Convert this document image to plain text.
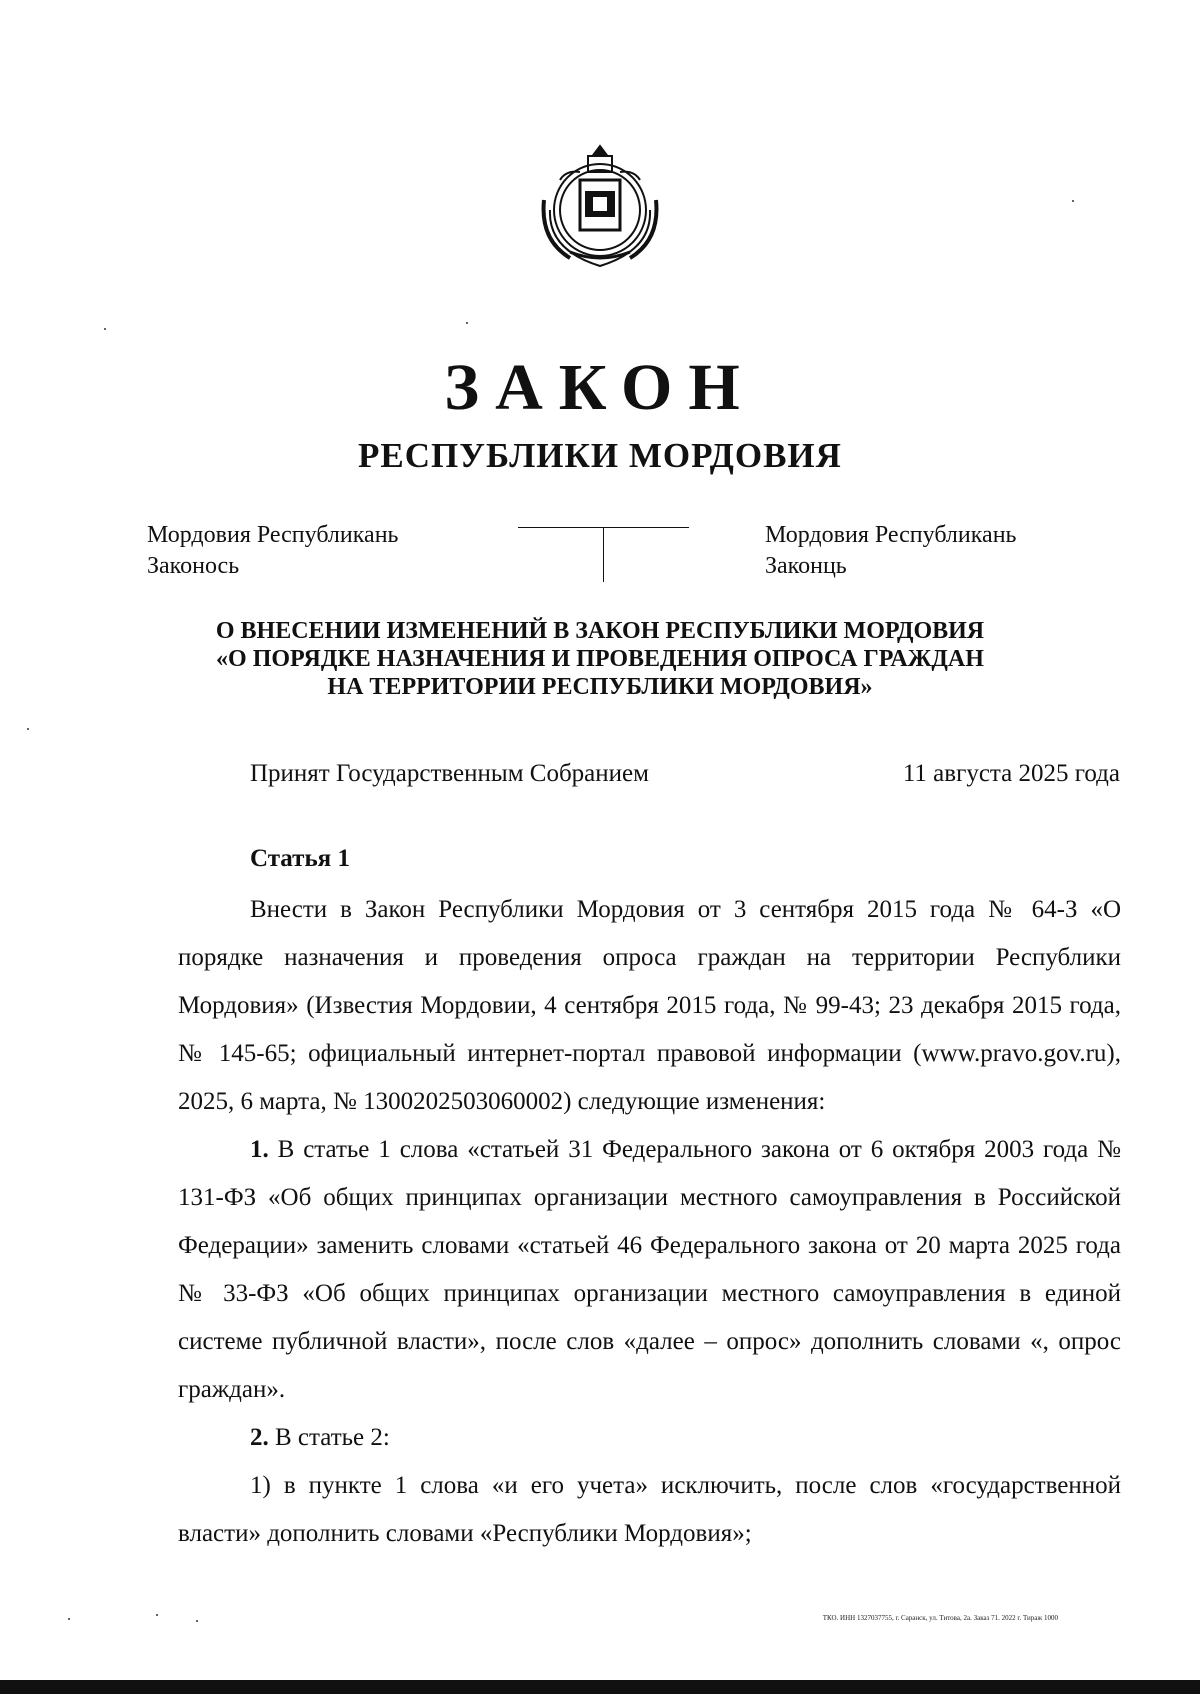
ЗАКОН
РЕСПУБЛИКИ МОРДОВИЯ
Мордовия Республикань
Законось
Мордовия Республикань
Законць
О ВНЕСЕНИИ ИЗМЕНЕНИЙ В ЗАКОН РЕСПУБЛИКИ МОРДОВИЯ
«О ПОРЯДКЕ НАЗНАЧЕНИЯ И ПРОВЕДЕНИЯ ОПРОСА ГРАЖДАН
НА ТЕРРИТОРИИ РЕСПУБЛИКИ МОРДОВИЯ»
Принят Государственным Собранием	11 августа 2025 года
Статья 1

Внести в Закон Республики Мордовия от 3 сентября 2015 года № 64-З «О порядке назначения и проведения опроса граждан на территории Республики Мордовия» (Известия Мордовии, 4 сентября 2015 года, № 99-43; 23 декабря 2015 года, № 145-65; официальный интернет-портал правовой информации (www.pravo.gov.ru), 2025, 6 марта, № 1300202503060002) следующие изменения:

1. В статье 1 слова «статьей 31 Федерального закона от 6 октября 2003 года № 131-ФЗ «Об общих принципах организации местного самоуправления в Российской Федерации» заменить словами «статьей 46 Федерального закона от 20 марта 2025 года № 33-ФЗ «Об общих принципах организации местного самоуправления в единой системе публичной власти», после слов «далее – опрос» дополнить словами «, опрос граждан».

2. В статье 2:

1) в пункте 1 слова «и его учета» исключить, после слов «государственной власти» дополнить словами «Республики Мордовия»;

ТКО. ИНН 1327037755, г. Саранск, ул. Титова, 2а. Заказ 71. 2022 г. Тираж 1000
